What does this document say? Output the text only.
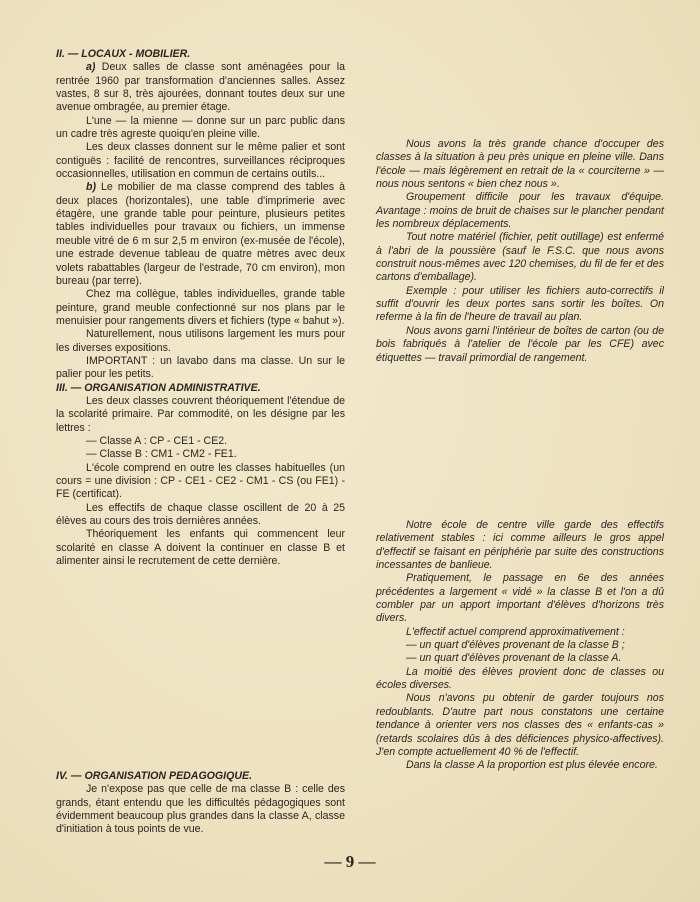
II. — LOCAUX - MOBILIER.

a) Deux salles de classe sont aménagées pour la rentrée 1960 par transformation d'anciennes salles. Assez vastes, 8 sur 8, très ajourées, donnant toutes deux sur une avenue ombragée, au premier étage.

L'une — la mienne — donne sur un parc public dans un cadre très agreste quoiqu'en pleine ville.

Les deux classes donnent sur le même palier et sont contiguës : facilité de rencontres, surveillances réciproques occasionnelles, utilisation en commun de certains outils...

b) Le mobilier de ma classe comprend des tables à deux places (horizontales), une table d'imprimerie avec étagère, une grande table pour peinture, plusieurs petites tables individuelles pour travaux ou fichiers, un immense meuble vitré de 6 m sur 2,5 m environ (ex-musée de l'école), une estrade devenue tableau de quatre mètres avec deux volets rabattables (largeur de l'estrade, 70 cm environ), mon bureau (par terre).

Chez ma collègue, tables individuelles, grande table peinture, grand meuble confectionné sur nos plans par le menuisier pour rangements divers et fichiers (type « bahut »).

Naturellement, nous utilisons largement les murs pour les diverses expositions.

IMPORTANT : un lavabo dans ma classe. Un sur le palier pour les petits.

III. — ORGANISATION ADMINISTRATIVE.

Les deux classes couvrent théoriquement l'étendue de la scolarité primaire. Par commodité, on les désigne par les lettres :

— Classe A : CP - CE1 - CE2.

— Classe B : CM1 - CM2 - FE1.

L'école comprend en outre les classes habituelles (un cours = une division : CP - CE1 - CE2 - CM1 - CS (ou FE1) - FE (certificat).

Les effectifs de chaque classe oscillent de 20 à 25 élèves au cours des trois dernières années.

Théoriquement les enfants qui commencent leur scolarité en classe A doivent la continuer en classe B et alimenter ainsi le recrutement de cette dernière.

IV. — ORGANISATION PEDAGOGIQUE.

Je n'expose pas que celle de ma classe B : celle des grands, étant entendu que les difficultés pédagogiques sont évidemment beaucoup plus grandes dans la classe A, classe d'initiation à tous points de vue.

Nous avons la très grande chance d'occuper des classes à la situation à peu près unique en pleine ville. Dans l'école — mais légèrement en retrait de la « courciterne » — nous nous sentons « bien chez nous ».

Groupement difficile pour les travaux d'équipe. Avantage : moins de bruit de chaises sur le plancher pendant les nombreux déplacements.

Tout notre matériel (fichier, petit outillage) est enfermé à l'abri de la poussière (sauf le F.S.C. que nous avons construit nous-mêmes avec 120 chemises, du fil de fer et des cartons d'emballage).

Exemple : pour utiliser les fichiers auto-correctifs il suffit d'ouvrir les deux portes sans sortir les boîtes. On referme à la fin de l'heure de travail au plan.

Nous avons garni l'intérieur de boîtes de carton (ou de bois fabriqués à l'atelier de l'école par les CFE) avec étiquettes — travail primordial de rangement.

Notre école de centre ville garde des effectifs relativement stables : ici comme ailleurs le gros appel d'effectif se faisant en périphérie par suite des constructions incessantes de banlieue.

Pratiquement, le passage en 6e des années précédentes a largement « vidé » la classe B et l'on a dû combler par un apport important d'élèves d'horizons très divers.

L'effectif actuel comprend approximativement :

— un quart d'élèves provenant de la classe B ;

— un quart d'élèves provenant de la classe A.

La moitié des élèves provient donc de classes ou écoles diverses.

Nous n'avons pu obtenir de garder toujours nos redoublants. D'autre part nous constatons une certaine tendance à orienter vers nos classes des « enfants-cas » (retards scolaires dûs à des déficiences physico-affectives). J'en compte actuellement 40 % de l'effectif.

Dans la classe A la proportion est plus élevée encore.

— 9 —
